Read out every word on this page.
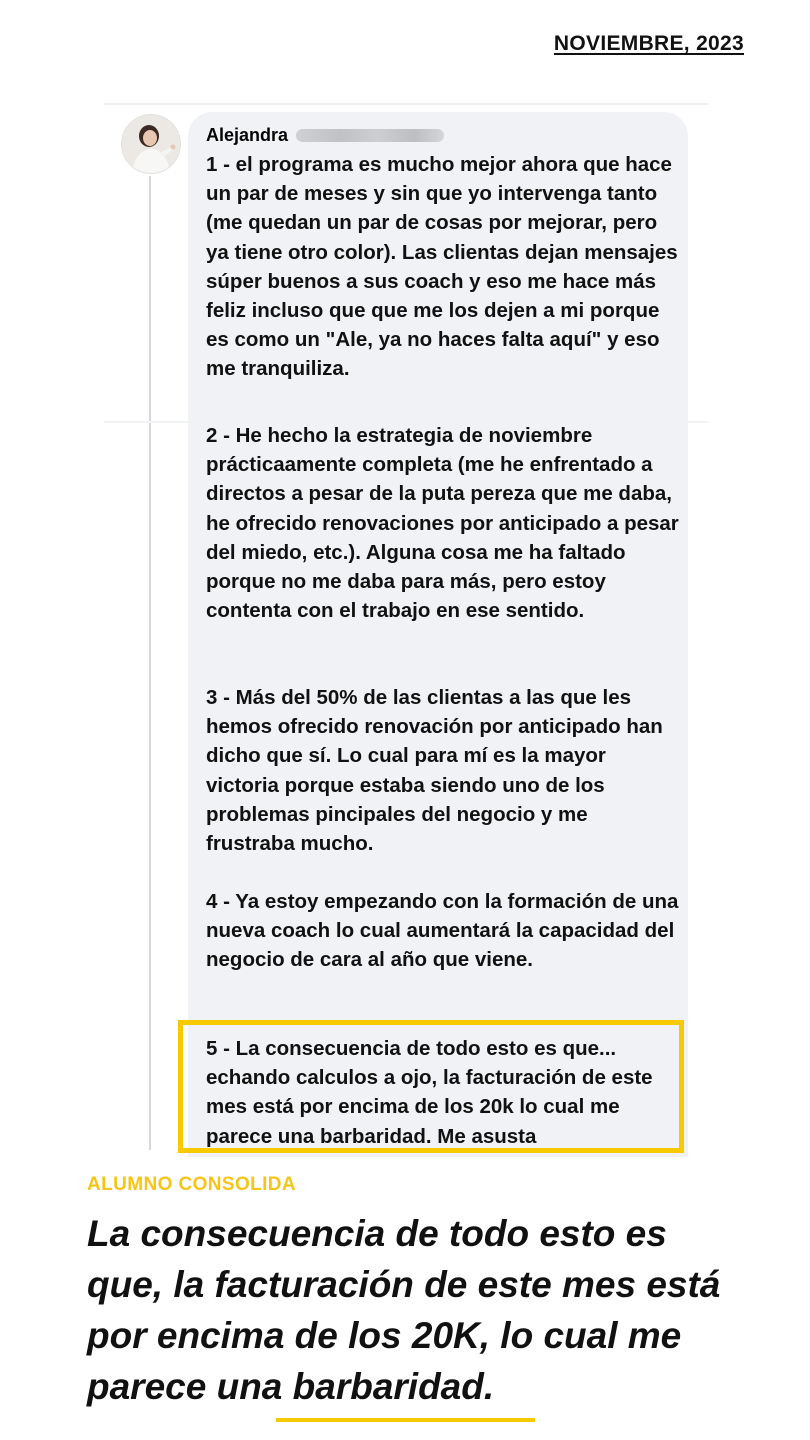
NOVIEMBRE, 2023
Alejandra

1 - el programa es mucho mejor ahora que hace un par de meses y sin que yo intervenga tanto (me quedan un par de cosas por mejorar, pero ya tiene otro color). Las clientas dejan mensajes súper buenos a sus coach y eso me hace más feliz incluso que que me los dejen a mi porque es como un "Ale, ya no haces falta aquí" y eso me tranquiliza.

2 - He hecho la estrategia de noviembre prácticaamente completa (me he enfrentado a directos a pesar de la puta pereza que me daba, he ofrecido renovaciones por anticipado a pesar del miedo, etc.). Alguna cosa me ha faltado porque no me daba para más, pero estoy contenta con el trabajo en ese sentido.

3 - Más del 50% de las clientas a las que les hemos ofrecido renovación por anticipado han dicho que sí. Lo cual para mí es la mayor victoria porque estaba siendo uno de los problemas pincipales del negocio y me frustraba mucho.

4 - Ya estoy empezando con la formación de una nueva coach lo cual aumentará la capacidad del negocio de cara al año que viene.

5 - La consecuencia de todo esto es que... echando calculos a ojo, la facturación de este mes está por encima de los 20k lo cual me parece una barbaridad. Me asusta

ALUMNO CONSOLIDA

La consecuencia de todo esto es que, la facturación de este mes está por encima de los 20K, lo cual me parece una barbaridad.
